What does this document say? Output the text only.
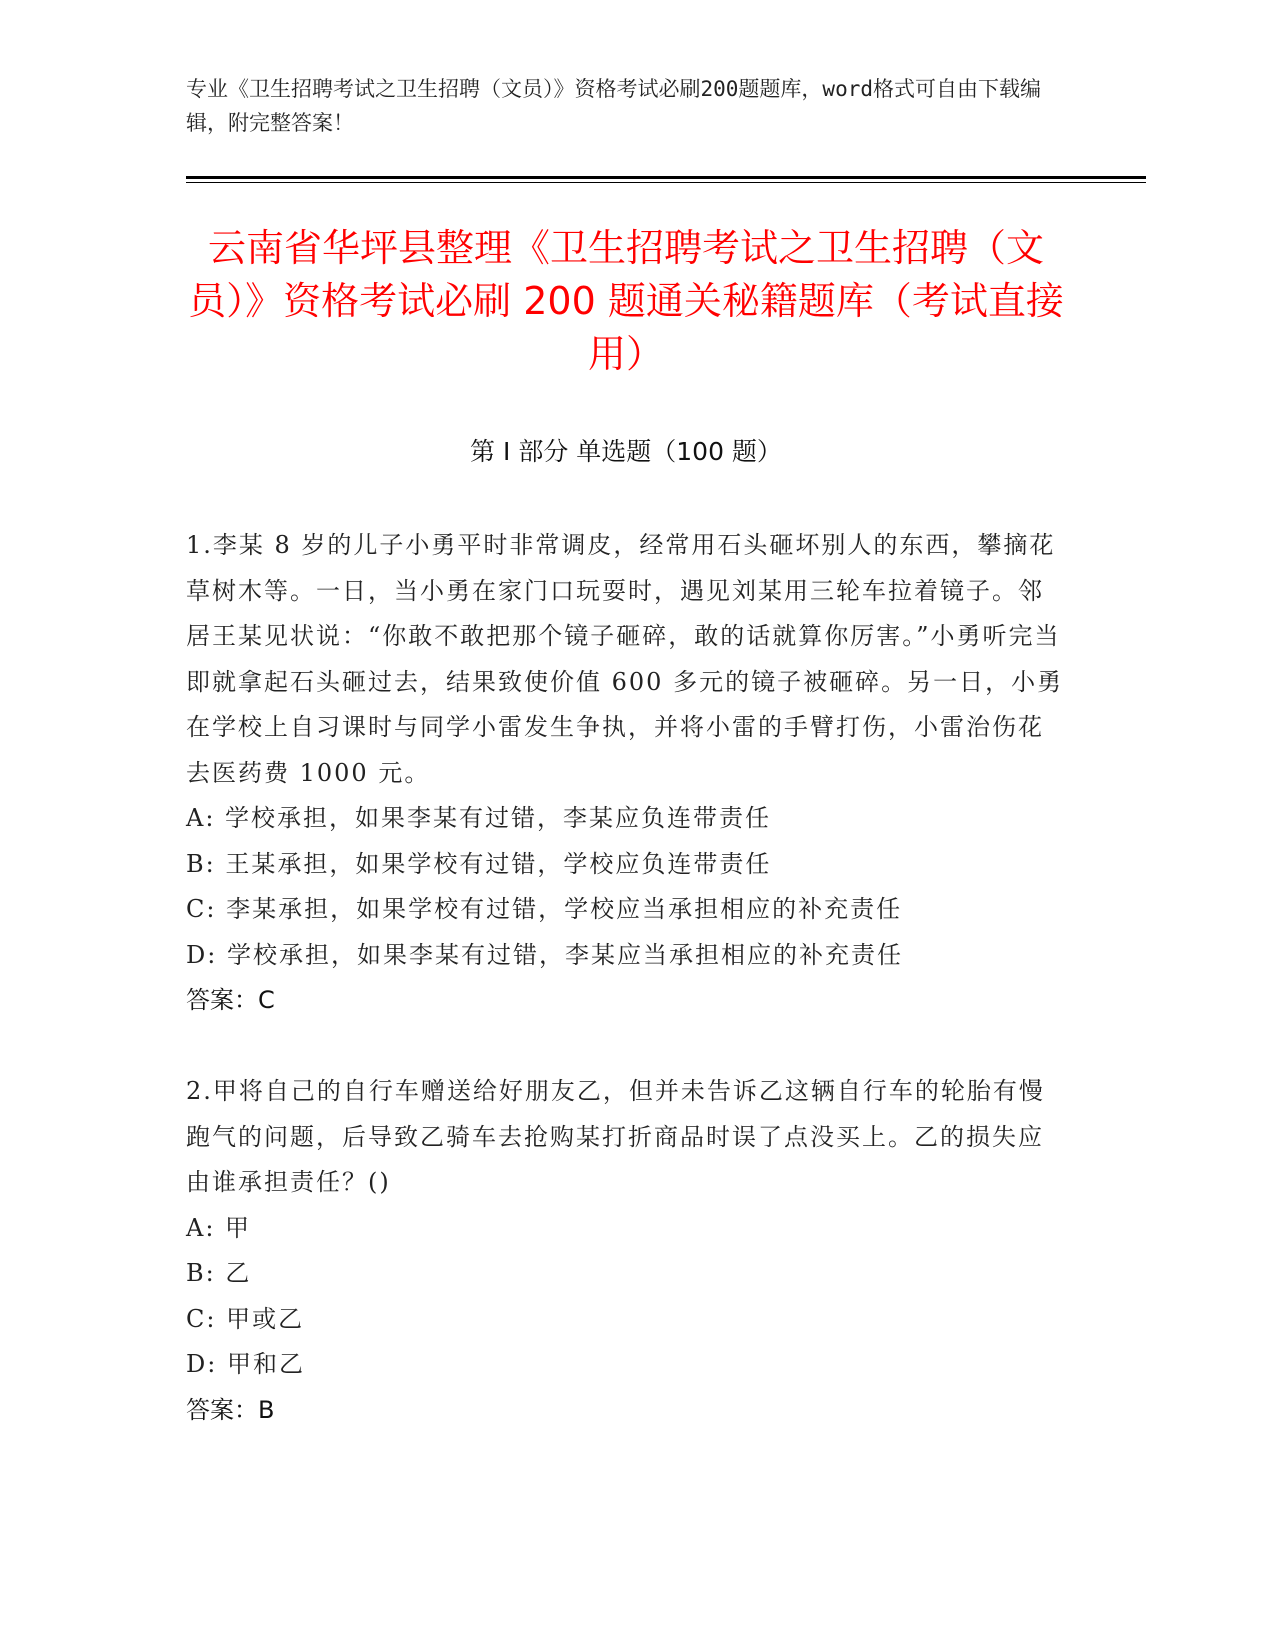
专业《卫生招聘考试之卫生招聘（文员）》资格考试必刷200题题库，word格式可自由下载编辑，附完整答案！
云南省华坪县整理《卫生招聘考试之卫生招聘（文员）》资格考试必刷 200 题通关秘籍题库（考试直接用）
第 I 部分 单选题（100 题）

1.李某 8 岁的儿子小勇平时非常调皮，经常用石头砸坏别人的东西，攀摘花草树木等。一日，当小勇在家门口玩耍时，遇见刘某用三轮车拉着镜子。邻居王某见状说：“你敢不敢把那个镜子砸碎，敢的话就算你厉害。”小勇听完当即就拿起石头砸过去，结果致使价值 600 多元的镜子被砸碎。另一日，小勇在学校上自习课时与同学小雷发生争执，并将小雷的手臂打伤，小雷治伤花去医药费 1000 元。

A: 学校承担，如果李某有过错，李某应负连带责任

B: 王某承担，如果学校有过错，学校应负连带责任

C: 李某承担，如果学校有过错，学校应当承担相应的补充责任

D: 学校承担，如果李某有过错，李某应当承担相应的补充责任

答案：C

2.甲将自己的自行车赠送给好朋友乙，但并未告诉乙这辆自行车的轮胎有慢跑气的问题，后导致乙骑车去抢购某打折商品时误了点没买上。乙的损失应由谁承担责任？()

A: 甲

B: 乙

C: 甲或乙

D: 甲和乙

答案：B
